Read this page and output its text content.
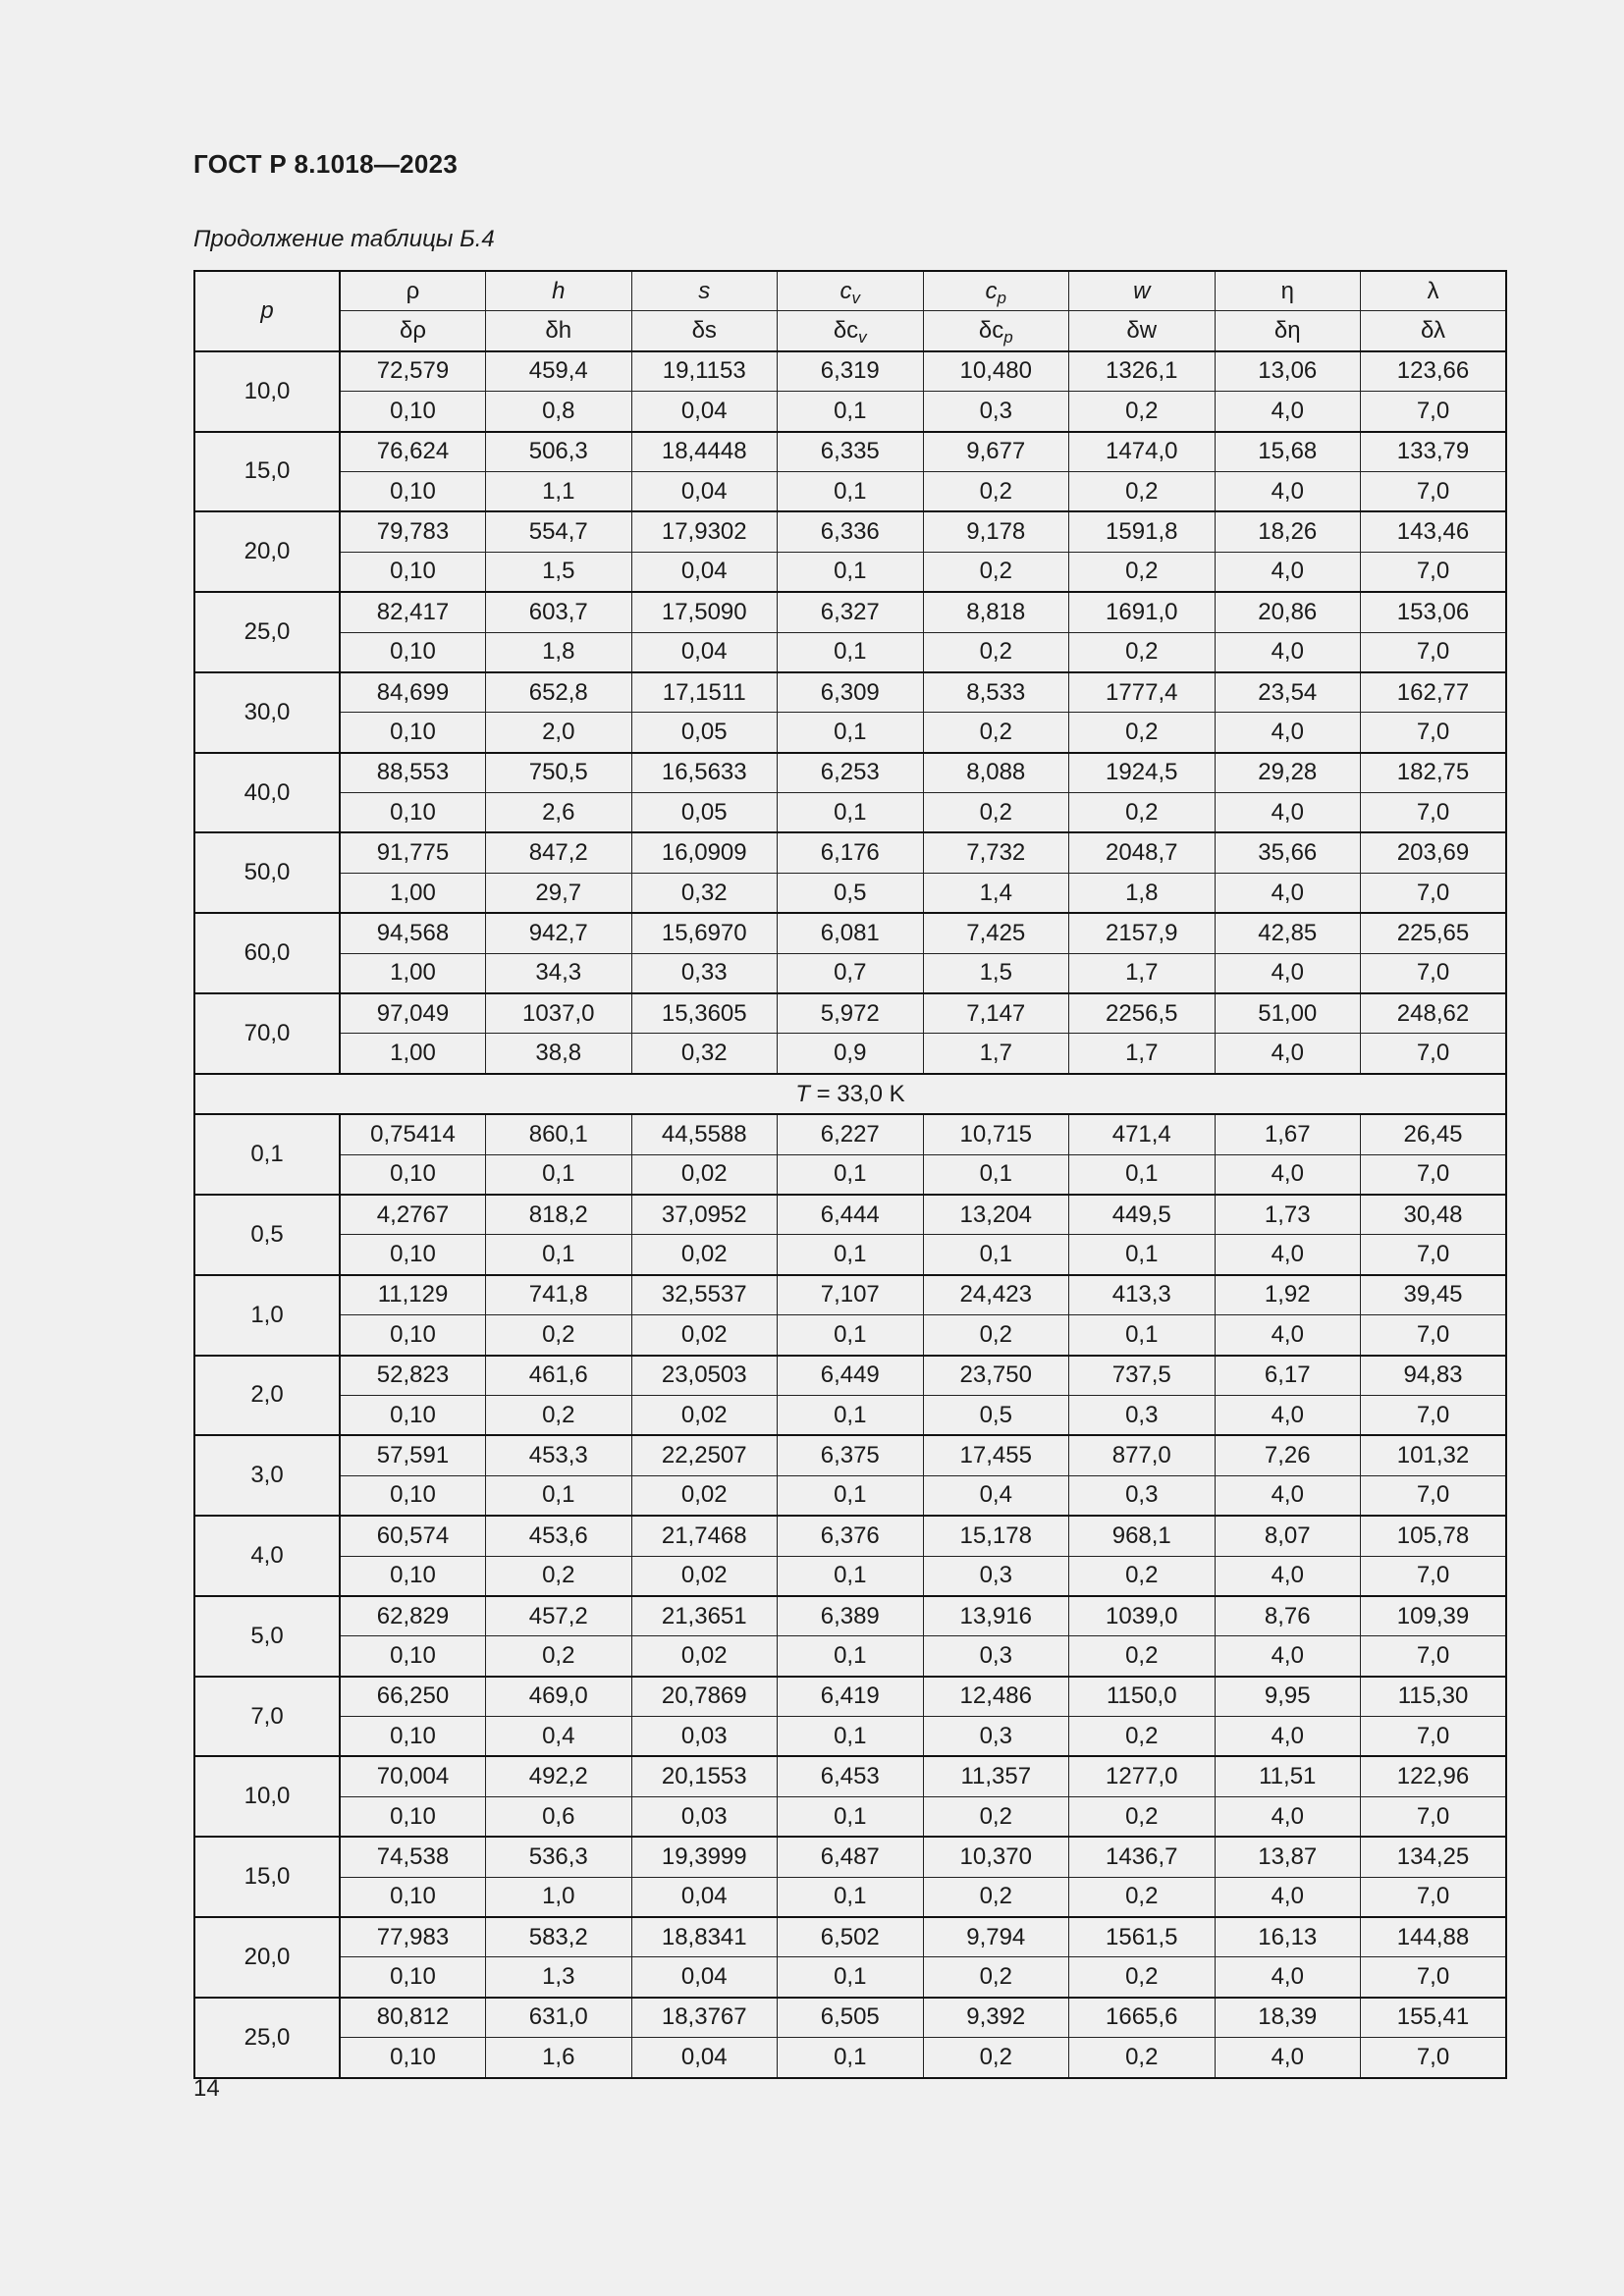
ГОСТ Р 8.1018—2023
Продолжение таблицы Б.4
p	ρ	h	s	$c_v$	$c_p$	w	η	λ
	δρ	δh	δs	$\delta c_v$	$\delta c_p$	δw	δη	δλ
10,0	72,579	459,4	19,1153	6,319	10,480	1326,1	13,06	123,66
	0,10	0,8	0,04	0,1	0,3	0,2	4,0	7,0
15,0	76,624	506,3	18,4448	6,335	9,677	1474,0	15,68	133,79
	0,10	1,1	0,04	0,1	0,2	0,2	4,0	7,0
20,0	79,783	554,7	17,9302	6,336	9,178	1591,8	18,26	143,46
	0,10	1,5	0,04	0,1	0,2	0,2	4,0	7,0
25,0	82,417	603,7	17,5090	6,327	8,818	1691,0	20,86	153,06
	0,10	1,8	0,04	0,1	0,2	0,2	4,0	7,0
30,0	84,699	652,8	17,1511	6,309	8,533	1777,4	23,54	162,77
	0,10	2,0	0,05	0,1	0,2	0,2	4,0	7,0
40,0	88,553	750,5	16,5633	6,253	8,088	1924,5	29,28	182,75
	0,10	2,6	0,05	0,1	0,2	0,2	4,0	7,0
50,0	91,775	847,2	16,0909	6,176	7,732	2048,7	35,66	203,69
	1,00	29,7	0,32	0,5	1,4	1,8	4,0	7,0
60,0	94,568	942,7	15,6970	6,081	7,425	2157,9	42,85	225,65
	1,00	34,3	0,33	0,7	1,5	1,7	4,0	7,0
70,0	97,049	1037,0	15,3605	5,972	7,147	2256,5	51,00	248,62
	1,00	38,8	0,32	0,9	1,7	1,7	4,0	7,0
T = 33,0 K								
0,1	0,75414	860,1	44,5588	6,227	10,715	471,4	1,67	26,45
	0,10	0,1	0,02	0,1	0,1	0,1	4,0	7,0
0,5	4,2767	818,2	37,0952	6,444	13,204	449,5	1,73	30,48
	0,10	0,1	0,02	0,1	0,1	0,1	4,0	7,0
1,0	11,129	741,8	32,5537	7,107	24,423	413,3	1,92	39,45
	0,10	0,2	0,02	0,1	0,2	0,1	4,0	7,0
2,0	52,823	461,6	23,0503	6,449	23,750	737,5	6,17	94,83
	0,10	0,2	0,02	0,1	0,5	0,3	4,0	7,0
3,0	57,591	453,3	22,2507	6,375	17,455	877,0	7,26	101,32
	0,10	0,1	0,02	0,1	0,4	0,3	4,0	7,0
4,0	60,574	453,6	21,7468	6,376	15,178	968,1	8,07	105,78
	0,10	0,2	0,02	0,1	0,3	0,2	4,0	7,0
5,0	62,829	457,2	21,3651	6,389	13,916	1039,0	8,76	109,39
	0,10	0,2	0,02	0,1	0,3	0,2	4,0	7,0
7,0	66,250	469,0	20,7869	6,419	12,486	1150,0	9,95	115,30
	0,10	0,4	0,03	0,1	0,3	0,2	4,0	7,0
10,0	70,004	492,2	20,1553	6,453	11,357	1277,0	11,51	122,96
	0,10	0,6	0,03	0,1	0,2	0,2	4,0	7,0
15,0	74,538	536,3	19,3999	6,487	10,370	1436,7	13,87	134,25
	0,10	1,0	0,04	0,1	0,2	0,2	4,0	7,0
20,0	77,983	583,2	18,8341	6,502	9,794	1561,5	16,13	144,88
	0,10	1,3	0,04	0,1	0,2	0,2	4,0	7,0
25,0	80,812	631,0	18,3767	6,505	9,392	1665,6	18,39	155,41
	0,10	1,6	0,04	0,1	0,2	0,2	4,0	7,0
14
